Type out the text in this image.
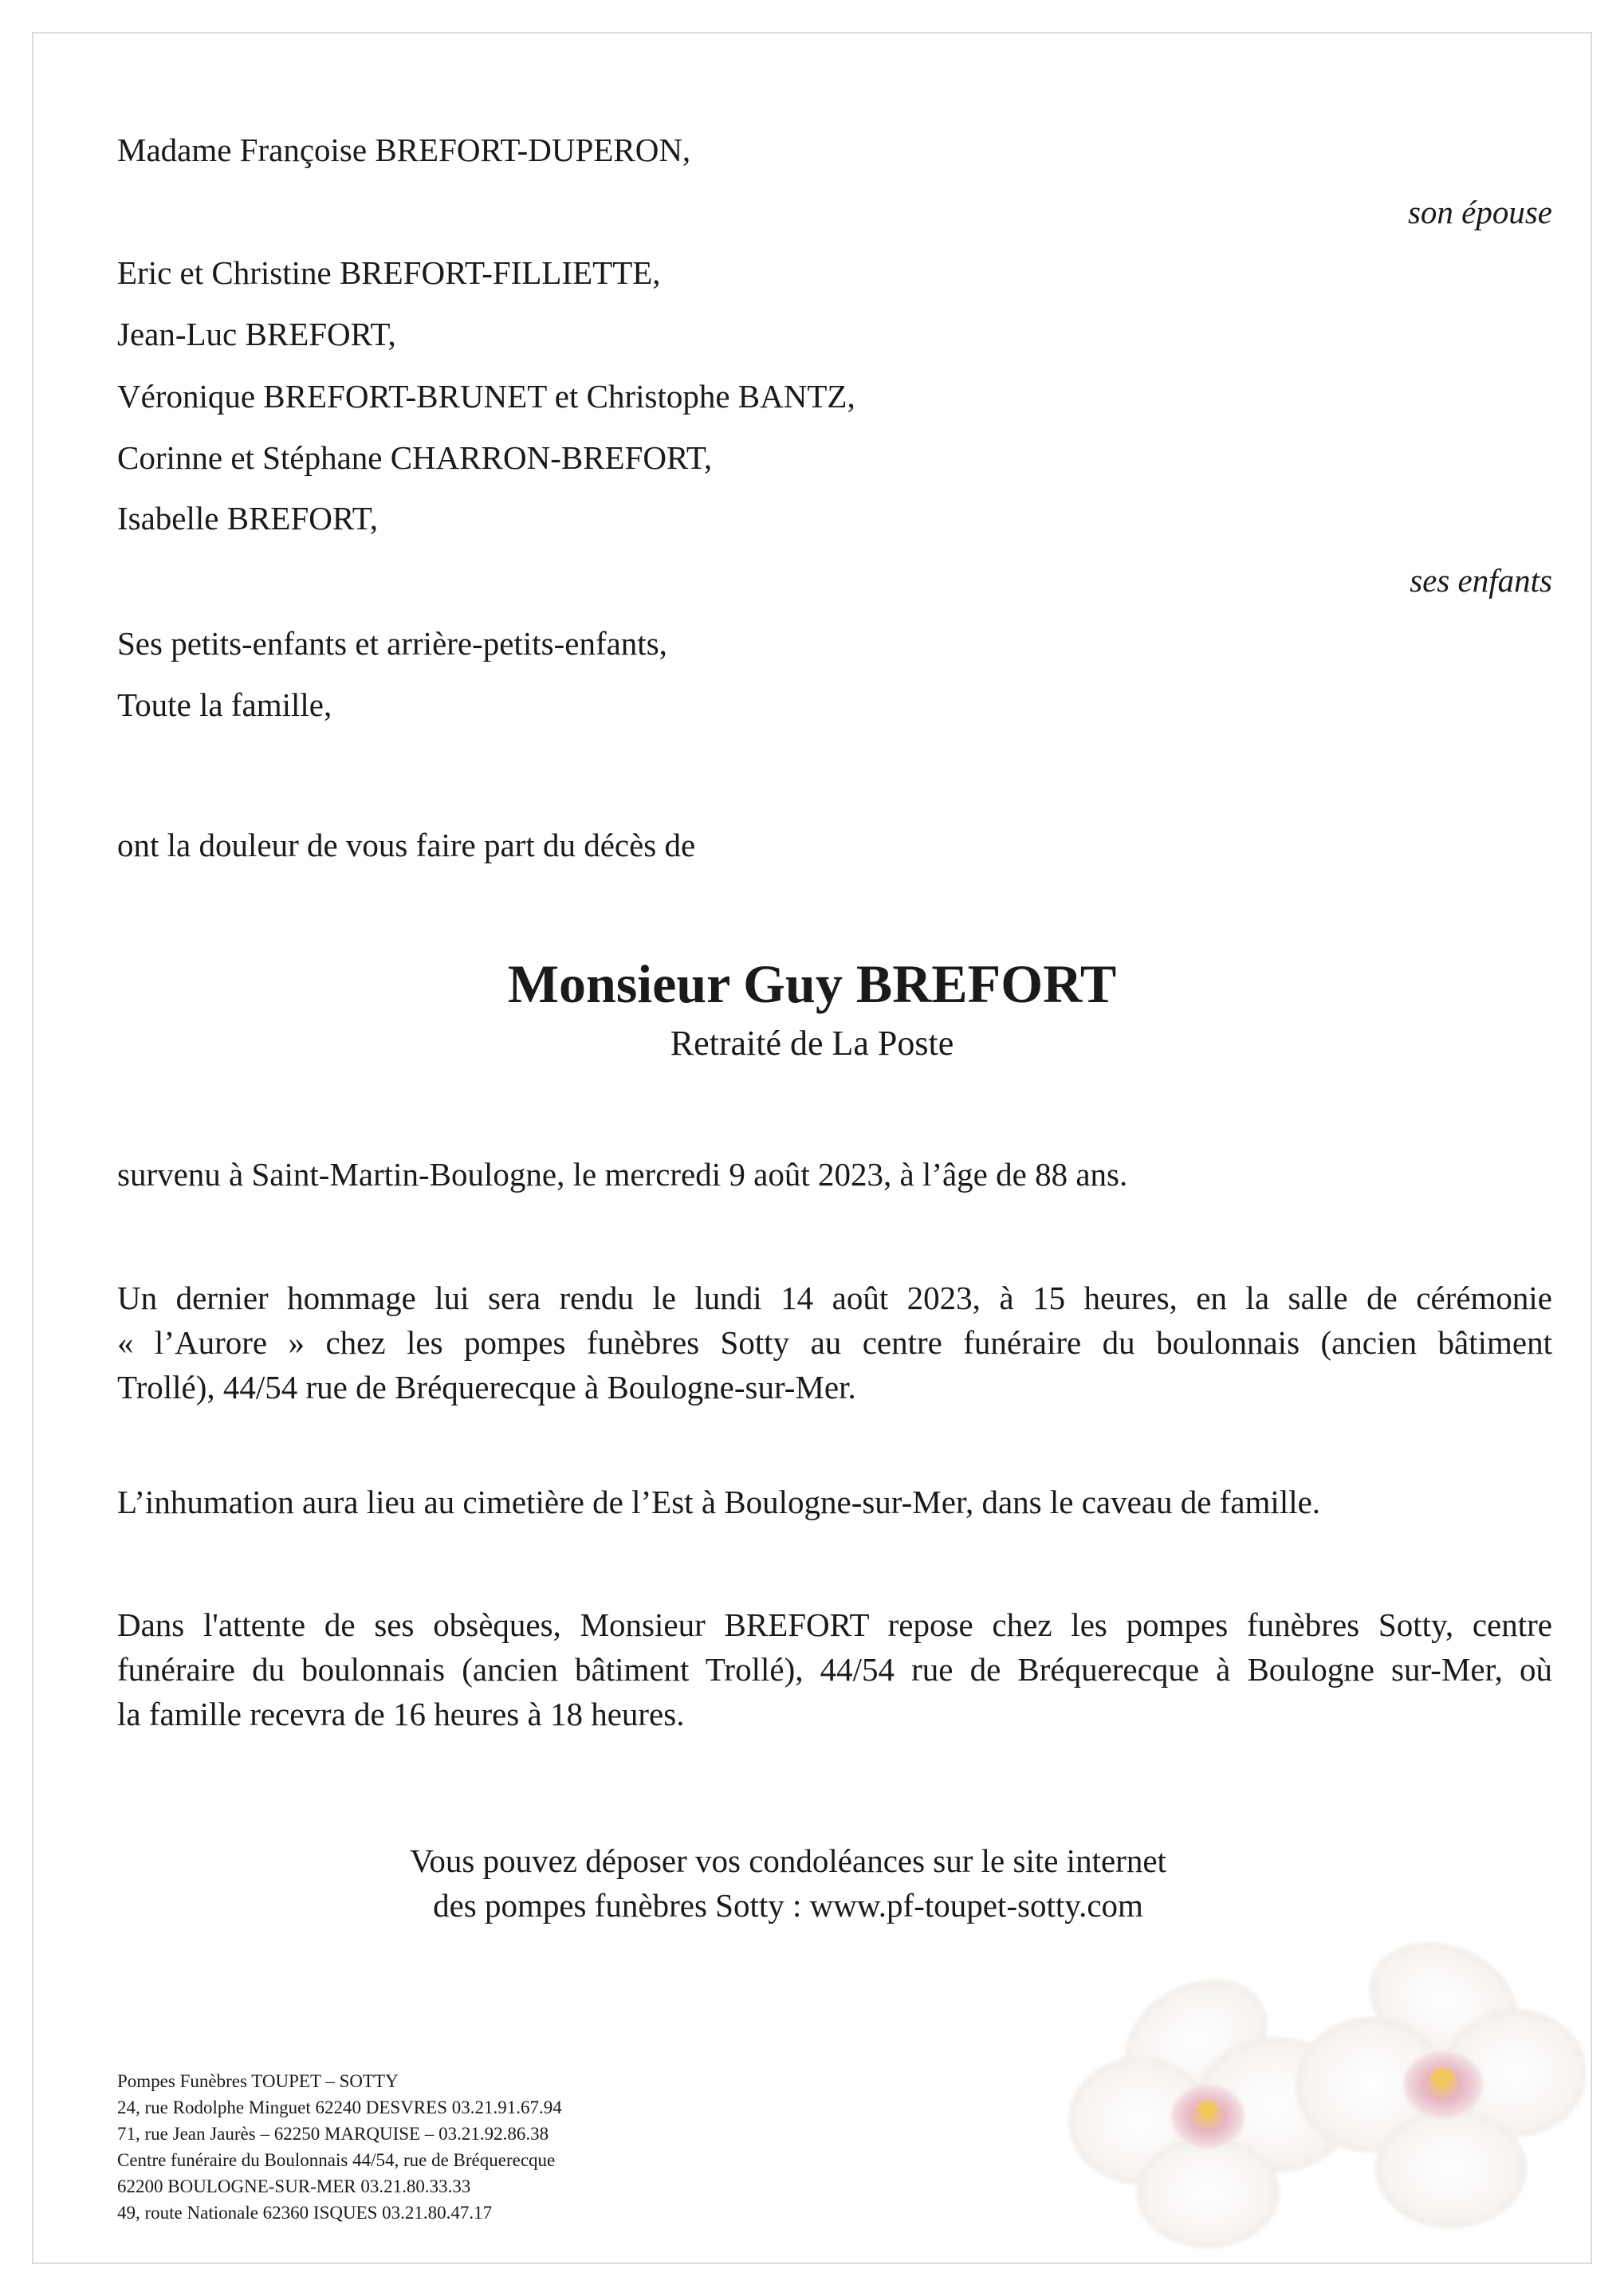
Madame Françoise BREFORT-DUPERON,
son épouse
Eric et Christine BREFORT-FILLIETTE,
Jean-Luc BREFORT,
Véronique BREFORT-BRUNET et Christophe BANTZ,
Corinne et Stéphane CHARRON-BREFORT,
Isabelle BREFORT,
ses enfants
Ses petits-enfants et arrière-petits-enfants,
Toute la famille,
ont la douleur de vous faire part du décès de
Monsieur Guy BREFORT
Retraité de La Poste
survenu à Saint-Martin-Boulogne, le mercredi 9 août 2023, à l’âge de 88 ans.
Un dernier hommage lui sera rendu le lundi 14 août 2023, à 15 heures, en la salle de cérémonie
« l’Aurore » chez les pompes funèbres Sotty au centre funéraire du boulonnais (ancien bâtiment
Trollé), 44/54 rue de Bréquerecque à Boulogne-sur-Mer.
L’inhumation aura lieu au cimetière de l’Est à Boulogne-sur-Mer, dans le caveau de famille.
Dans l'attente de ses obsèques, Monsieur BREFORT repose chez les pompes funèbres Sotty, centre
funéraire du boulonnais (ancien bâtiment Trollé), 44/54 rue de Bréquerecque à Boulogne sur-Mer, où
la famille recevra de 16 heures à 18 heures.
Vous pouvez déposer vos condoléances sur le site internet
des pompes funèbres Sotty : www.pf-toupet-sotty.com
Pompes Funèbres TOUPET – SOTTY
24, rue Rodolphe Minguet 62240 DESVRES 03.21.91.67.94
71, rue Jean Jaurès – 62250 MARQUISE – 03.21.92.86.38
Centre funéraire du Boulonnais 44/54, rue de Bréquerecque
62200 BOULOGNE-SUR-MER 03.21.80.33.33
49, route Nationale 62360 ISQUES 03.21.80.47.17
